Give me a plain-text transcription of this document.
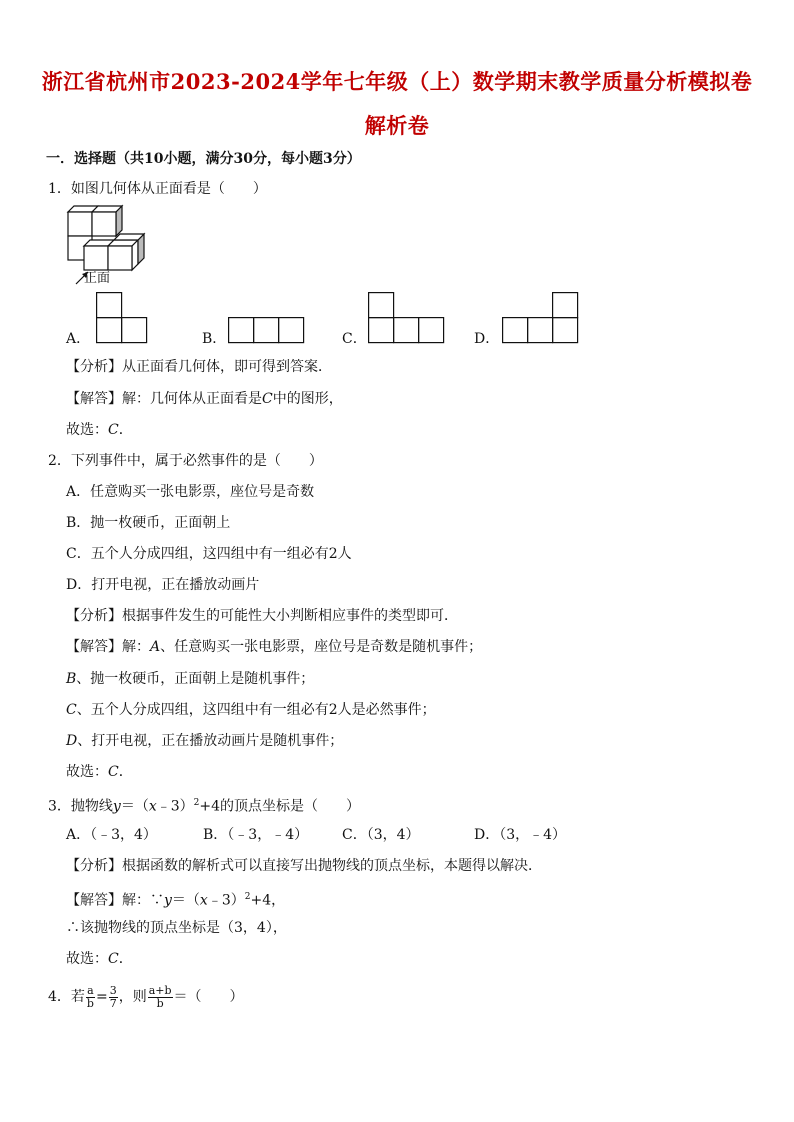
浙江省杭州市2023-2024学年七年级（上）数学期末教学质量分析模拟卷
解析卷
一．选择题（共10小题，满分30分，每小题3分）
1．如图几何体从正面看是（　　）
正面
A．	B．	C．	D．
【分析】从正面看几何体，即可得到答案．
【解答】解：几何体从正面看是C中的图形，
故选：C．
2．下列事件中，属于必然事件的是（　　）
A．任意购买一张电影票，座位号是奇数
B．抛一枚硬币，正面朝上
C．五个人分成四组，这四组中有一组必有2人
D．打开电视，正在播放动画片
【分析】根据事件发生的可能性大小判断相应事件的类型即可．
【解答】解：A、任意购买一张电影票，座位号是奇数是随机事件；
B、抛一枚硬币，正面朝上是随机事件；
C、五个人分成四组，这四组中有一组必有2人是必然事件；
D、打开电视，正在播放动画片是随机事件；
故选：C．
3．抛物线y＝（x﹣3）$^2$+4的顶点坐标是（　　）
A．（﹣3，4）	B．（﹣3，﹣4） C．（3，4）	D．（3，﹣4）
【分析】根据函数的解析式可以直接写出抛物线的顶点坐标，本题得以解决．
【解答】解：∵y＝（x﹣3）$^2$+4，
∴该抛物线的顶点坐标是（3，4），
故选：C．
4．若 $\frac{a}{b} = \frac{3}{7}$ ，则 $\frac{a+b}{b}$ ＝（　　）
